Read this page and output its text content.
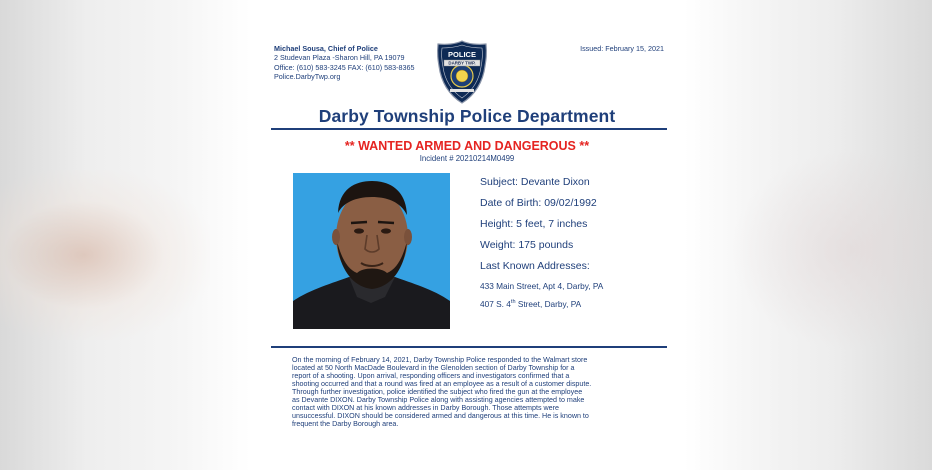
Michael Sousa, Chief of Police
2 Studevan Plaza -Sharon Hill, PA 19079
Office: (610) 583-3245 FAX: (610) 583-8365
Police.DarbyTwp.org
Issued: February 15, 2021
POLICE
DARBY TWP.
Darby Township Police Department
** WANTED ARMED AND DANGEROUS **
Incident # 20210214M0499
Subject: Devante Dixon
Date of Birth: 09/02/1992
Height: 5 feet, 7 inches
Weight: 175 pounds
Last Known Addresses:
433 Main Street, Apt 4, Darby, PA
407 S. 4th Street, Darby, PA
On the morning of February 14, 2021, Darby Township Police responded to the Walmart store
located at 50 North MacDade Boulevard in the Glenolden section of Darby Township for a
report of a shooting. Upon arrival, responding officers and investigators confirmed that a
shooting occurred and that a round was fired at an employee as a result of a customer dispute.
Through further investigation, police identified the subject who fired the gun at the employee
as Devante DIXON. Darby Township Police along with assisting agencies attempted to make
contact with DIXON at his known addresses in Darby Borough. Those attempts were
unsuccessful. DIXON should be considered armed and dangerous at this time. He is known to
frequent the Darby Borough area.
